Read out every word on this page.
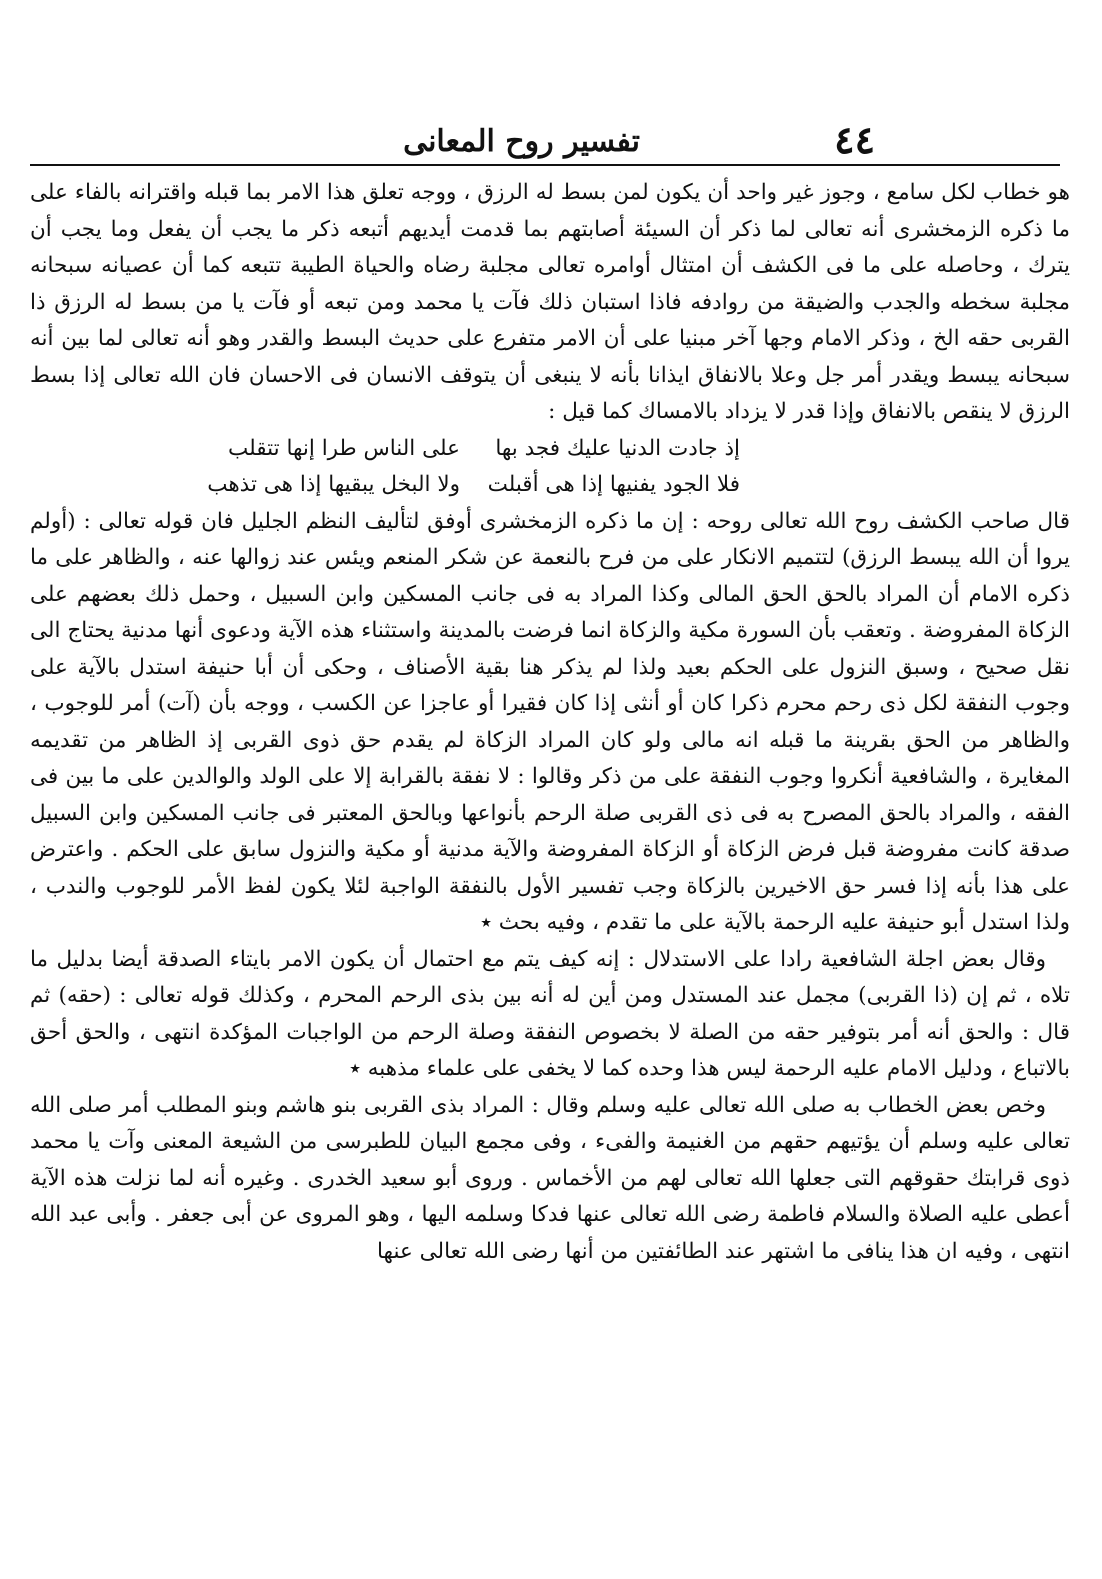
٤٤
تفسير روح المعانى

هو خطاب لكل سامع ، وجوز غير واحد أن يكون لمن بسط له الرزق ، ووجه تعلق هذا الامر بما قبله واقترانه بالفاء على ما ذكره الزمخشرى أنه تعالى لما ذكر أن السيئة أصابتهم بما قدمت أيديهم أتبعه ذكر ما يجب أن يفعل وما يجب أن يترك ، وحاصله على ما فى الكشف أن امتثال أوامره تعالى مجلبة رضاه والحياة الطيبة تتبعه كما أن عصيانه سبحانه مجلبة سخطه والجدب والضيقة من روادفه فاذا استبان ذلك فآت يا محمد ومن تبعه أو فآت يا من بسط له الرزق ذا القربى حقه الخ ، وذكر الامام وجها آخر مبنيا على أن الامر متفرع على حديث البسط والقدر وهو أنه تعالى لما بين أنه سبحانه يبسط ويقدر أمر جل وعلا بالانفاق ايذانا بأنه لا ينبغى أن يتوقف الانسان فى الاحسان فان الله تعالى إذا بسط الرزق لا ينقص بالانفاق وإذا قدر لا يزداد بالامساك كما قيل :

إذ جادت الدنيا عليك فجد بها
على الناس طرا إنها تتقلب
فلا الجود يفنيها إذا هى أقبلت
ولا البخل يبقيها إذا هى تذهب

قال صاحب الكشف روح الله تعالى روحه : إن ما ذكره الزمخشرى أوفق لتأليف النظم الجليل فان قوله تعالى : (أولم يروا أن الله يبسط الرزق) لتتميم الانكار على من فرح بالنعمة عن شكر المنعم ويئس عند زوالها عنه ، والظاهر على ما ذكره الامام أن المراد بالحق الحق المالى وكذا المراد به فى جانب المسكين وابن السبيل ، وحمل ذلك بعضهم على الزكاة المفروضة . وتعقب بأن السورة مكية والزكاة انما فرضت بالمدينة واستثناء هذه الآية ودعوى أنها مدنية يحتاج الى نقل صحيح ، وسبق النزول على الحكم بعيد ولذا لم يذكر هنا بقية الأصناف ، وحكى أن أبا حنيفة استدل بالآية على وجوب النفقة لكل ذى رحم محرم ذكرا كان أو أنثى إذا كان فقيرا أو عاجزا عن الكسب ، ووجه بأن (آت) أمر للوجوب ، والظاهر من الحق بقرينة ما قبله انه مالى ولو كان المراد الزكاة لم يقدم حق ذوى القربى إذ الظاهر من تقديمه المغايرة ، والشافعية أنكروا وجوب النفقة على من ذكر وقالوا : لا نفقة بالقرابة إلا على الولد والوالدين على ما بين فى الفقه ، والمراد بالحق المصرح به فى ذى القربى صلة الرحم بأنواعها وبالحق المعتبر فى جانب المسكين وابن السبيل صدقة كانت مفروضة قبل فرض الزكاة أو الزكاة المفروضة والآية مدنية أو مكية والنزول سابق على الحكم . واعترض على هذا بأنه إذا فسر حق الاخيرين بالزكاة وجب تفسير الأول بالنفقة الواجبة لئلا يكون لفظ الأمر للوجوب والندب ، ولذا استدل أبو حنيفة عليه الرحمة بالآية على ما تقدم ، وفيه بحث ٭

وقال بعض اجلة الشافعية رادا على الاستدلال : إنه كيف يتم مع احتمال أن يكون الامر بايتاء الصدقة أيضا بدليل ما تلاه ، ثم إن (ذا القربى) مجمل عند المستدل ومن أين له أنه بين بذى الرحم المحرم ، وكذلك قوله تعالى : (حقه) ثم قال : والحق أنه أمر بتوفير حقه من الصلة لا بخصوص النفقة وصلة الرحم من الواجبات المؤكدة انتهى ، والحق أحق بالاتباع ، ودليل الامام عليه الرحمة ليس هذا وحده كما لا يخفى على علماء مذهبه ٭

وخص بعض الخطاب به صلى الله تعالى عليه وسلم وقال : المراد بذى القربى بنو هاشم وبنو المطلب أمر صلى الله تعالى عليه وسلم أن يؤتيهم حقهم من الغنيمة والفىء ، وفى مجمع البيان للطبرسى من الشيعة المعنى وآت يا محمد ذوى قرابتك حقوقهم التى جعلها الله تعالى لهم من الأخماس . وروى أبو سعيد الخدرى . وغيره أنه لما نزلت هذه الآية أعطى عليه الصلاة والسلام فاطمة رضى الله تعالى عنها فدكا وسلمه اليها ، وهو المروى عن أبى جعفر . وأبى عبد الله انتهى ، وفيه ان هذا ينافى ما اشتهر عند الطائفتين من أنها رضى الله تعالى عنها
